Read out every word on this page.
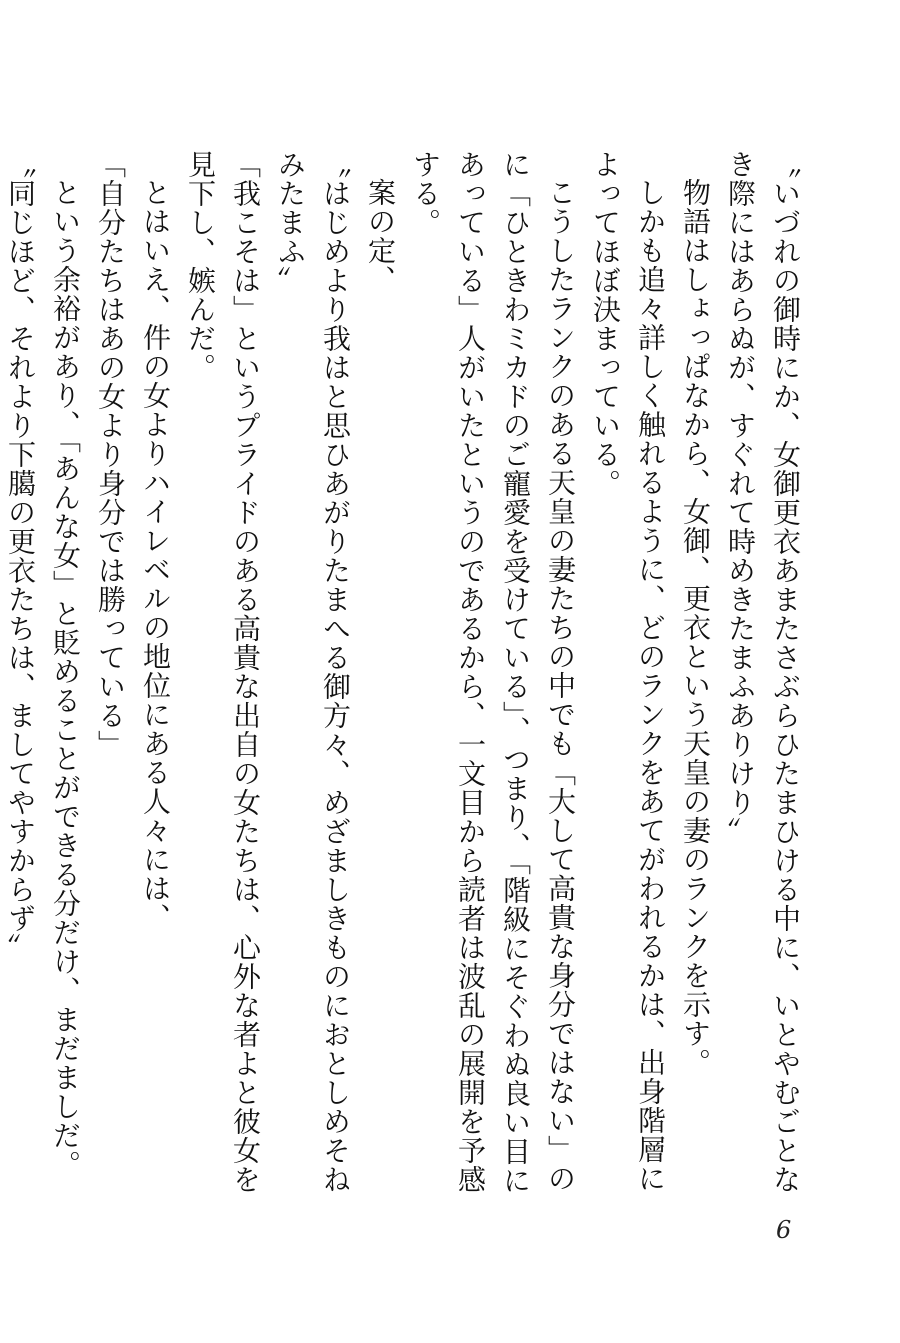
〝いづれの御時にか、女御更衣あまたさぶらひたまひける中に、いとやむごとなき際にはあらぬが、すぐれて時めきたまふありけり〟

物語はしょっぱなから、女御、更衣という天皇の妻のランクを示す。

しかも追々詳しく触れるように、どのランクをあてがわれるかは、出身階層によってほぼ決まっている。

こうしたランクのある天皇の妻たちの中でも「大して高貴な身分ではない」のに「ひときわミカドのご寵愛を受けている」、つまり、「階級にそぐわぬ良い目にあっている」人がいたというのであるから、一文目から読者は波乱の展開を予感する。

案の定、

〝はじめより我はと思ひあがりたまへる御方々、めざましきものにおとしめそねみたまふ〟

「我こそは」というプライドのある高貴な出自の女たちは、心外な者よと彼女を見下し、嫉んだ。

とはいえ、件の女よりハイレベルの地位にある人々には、

「自分たちはあの女より身分では勝っている」

という余裕があり、「あんな女」と貶めることができる分だけ、まだましだ。

〝同じほど、それより下臈の更衣たちは、ましてやすからず〟

6
